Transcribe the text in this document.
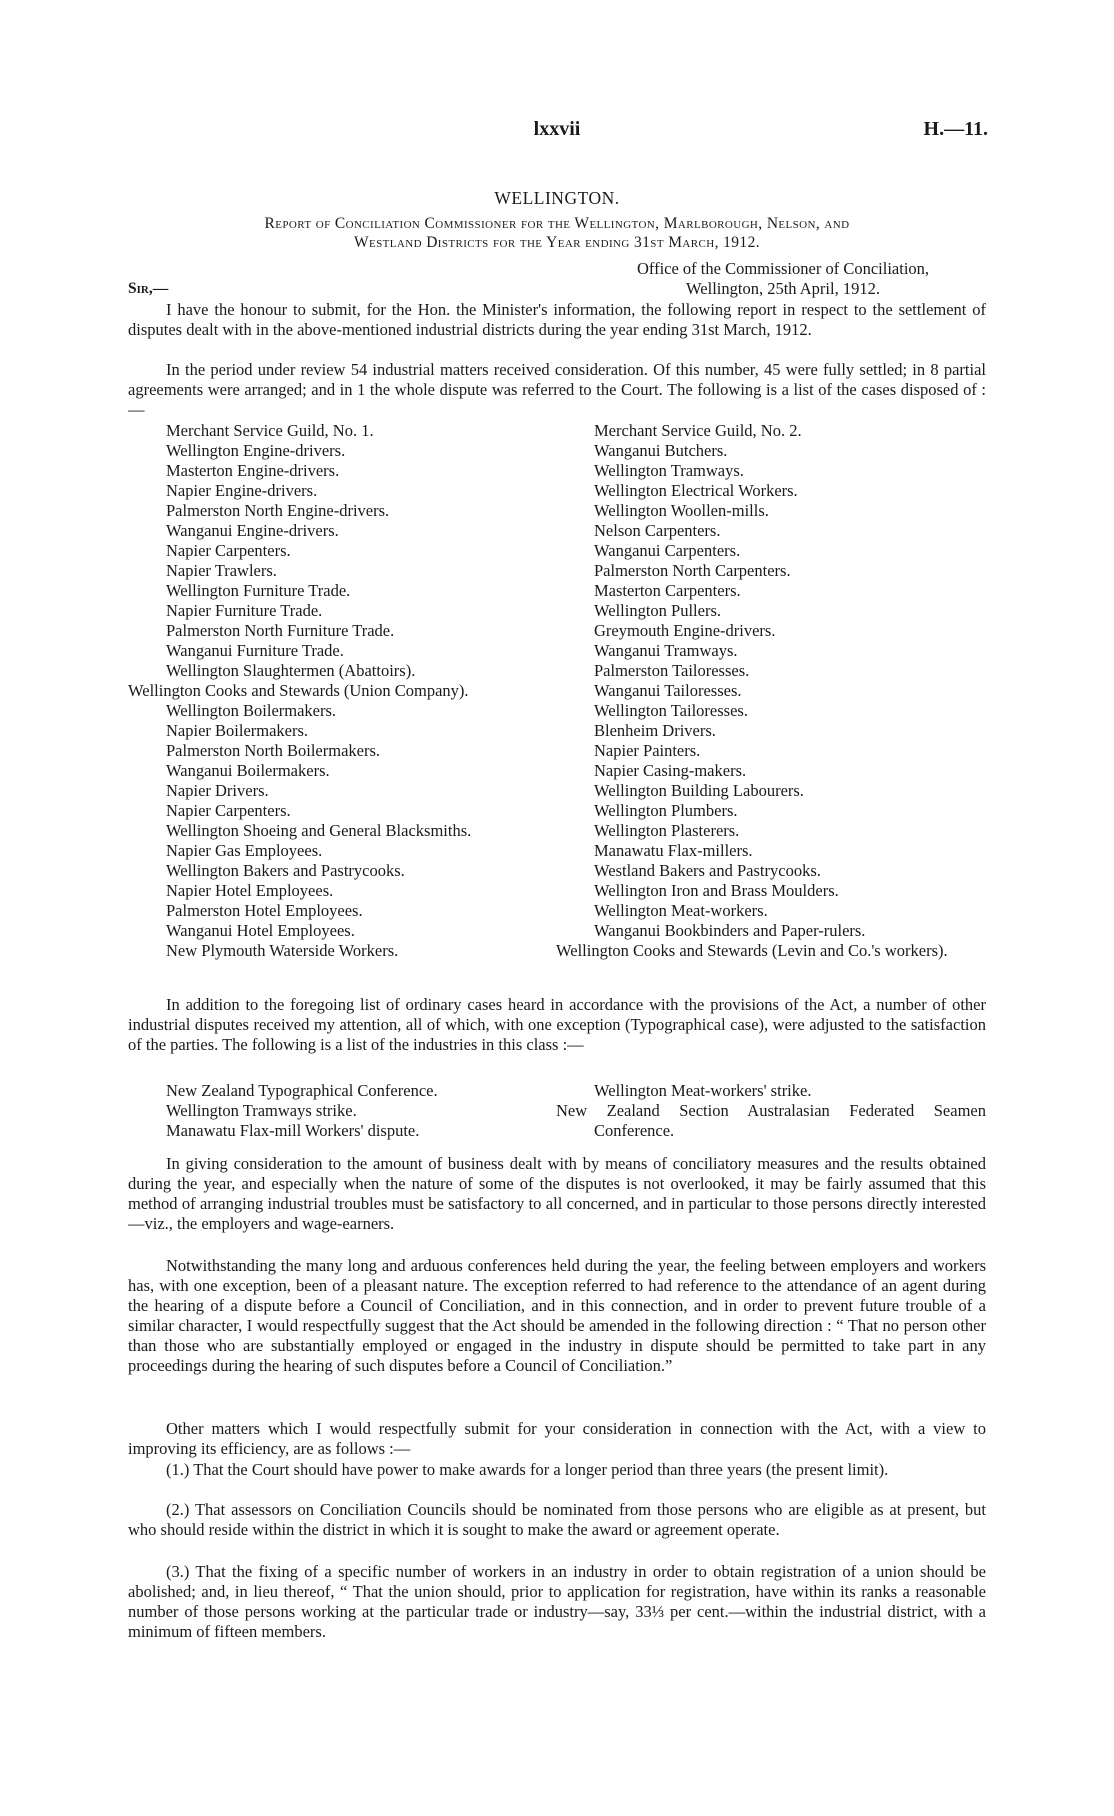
lxxvii	H.—11.
WELLINGTON.
Report of Conciliation Commissioner for the Wellington, Marlborough, Nelson, and
Westland Districts for the Year ending 31st March, 1912.
Office of the Commissioner of Conciliation,
Wellington, 25th April, 1912.
Sir,—
I have the honour to submit, for the Hon. the Minister's information, the following report in respect to the settlement of disputes dealt with in the above-mentioned industrial districts during the year ending 31st March, 1912.
In the period under review 54 industrial matters received consideration. Of this number, 45 were fully settled; in 8 partial agreements were arranged; and in 1 the whole dispute was referred to the Court. The following is a list of the cases disposed of :—
Merchant Service Guild, No. 1.
Wellington Engine-drivers.
Masterton Engine-drivers.
Napier Engine-drivers.
Palmerston North Engine-drivers.
Wanganui Engine-drivers.
Napier Carpenters.
Napier Trawlers.
Wellington Furniture Trade.
Napier Furniture Trade.
Palmerston North Furniture Trade.
Wanganui Furniture Trade.
Wellington Slaughtermen (Abattoirs).
Wellington Cooks and Stewards (Union Company).
Wellington Boilermakers.
Napier Boilermakers.
Palmerston North Boilermakers.
Wanganui Boilermakers.
Napier Drivers.
Napier Carpenters.
Wellington Shoeing and General Blacksmiths.
Napier Gas Employees.
Wellington Bakers and Pastrycooks.
Napier Hotel Employees.
Palmerston Hotel Employees.
Wanganui Hotel Employees.
New Plymouth Waterside Workers.
Merchant Service Guild, No. 2.
Wanganui Butchers.
Wellington Tramways.
Wellington Electrical Workers.
Wellington Woollen-mills.
Nelson Carpenters.
Wanganui Carpenters.
Palmerston North Carpenters.
Masterton Carpenters.
Wellington Pullers.
Greymouth Engine-drivers.
Wanganui Tramways.
Palmerston Tailoresses.
Wanganui Tailoresses.
Wellington Tailoresses.
Blenheim Drivers.
Napier Painters.
Napier Casing-makers.
Wellington Building Labourers.
Wellington Plumbers.
Wellington Plasterers.
Manawatu Flax-millers.
Westland Bakers and Pastrycooks.
Wellington Iron and Brass Moulders.
Wellington Meat-workers.
Wanganui Bookbinders and Paper-rulers.
Wellington Cooks and Stewards (Levin and Co.'s workers).
In addition to the foregoing list of ordinary cases heard in accordance with the provisions of the Act, a number of other industrial disputes received my attention, all of which, with one exception (Typographical case), were adjusted to the satisfaction of the parties. The following is a list of the industries in this class :—
New Zealand Typographical Conference.
Wellington Tramways strike.
Manawatu Flax-mill Workers' dispute.
Wellington Meat-workers' strike.
New Zealand Section Australasian Federated Seamen Conference.
In giving consideration to the amount of business dealt with by means of conciliatory measures and the results obtained during the year, and especially when the nature of some of the disputes is not overlooked, it may be fairly assumed that this method of arranging industrial troubles must be satisfactory to all concerned, and in particular to those persons directly interested—viz., the employers and wage-earners.
Notwithstanding the many long and arduous conferences held during the year, the feeling between employers and workers has, with one exception, been of a pleasant nature. The exception referred to had reference to the attendance of an agent during the hearing of a dispute before a Council of Conciliation, and in this connection, and in order to prevent future trouble of a similar character, I would respectfully suggest that the Act should be amended in the following direction : “ That no person other than those who are substantially employed or engaged in the industry in dispute should be permitted to take part in any proceedings during the hearing of such disputes before a Council of Conciliation.”
Other matters which I would respectfully submit for your consideration in connection with the Act, with a view to improving its efficiency, are as follows :—
(1.) That the Court should have power to make awards for a longer period than three years (the present limit).
(2.) That assessors on Conciliation Councils should be nominated from those persons who are eligible as at present, but who should reside within the district in which it is sought to make the award or agreement operate.
(3.) That the fixing of a specific number of workers in an industry in order to obtain registration of a union should be abolished; and, in lieu thereof, “ That the union should, prior to application for registration, have within its ranks a reasonable number of those persons working at the particular trade or industry—say, 33⅓ per cent.—within the industrial district, with a minimum of fifteen members.
